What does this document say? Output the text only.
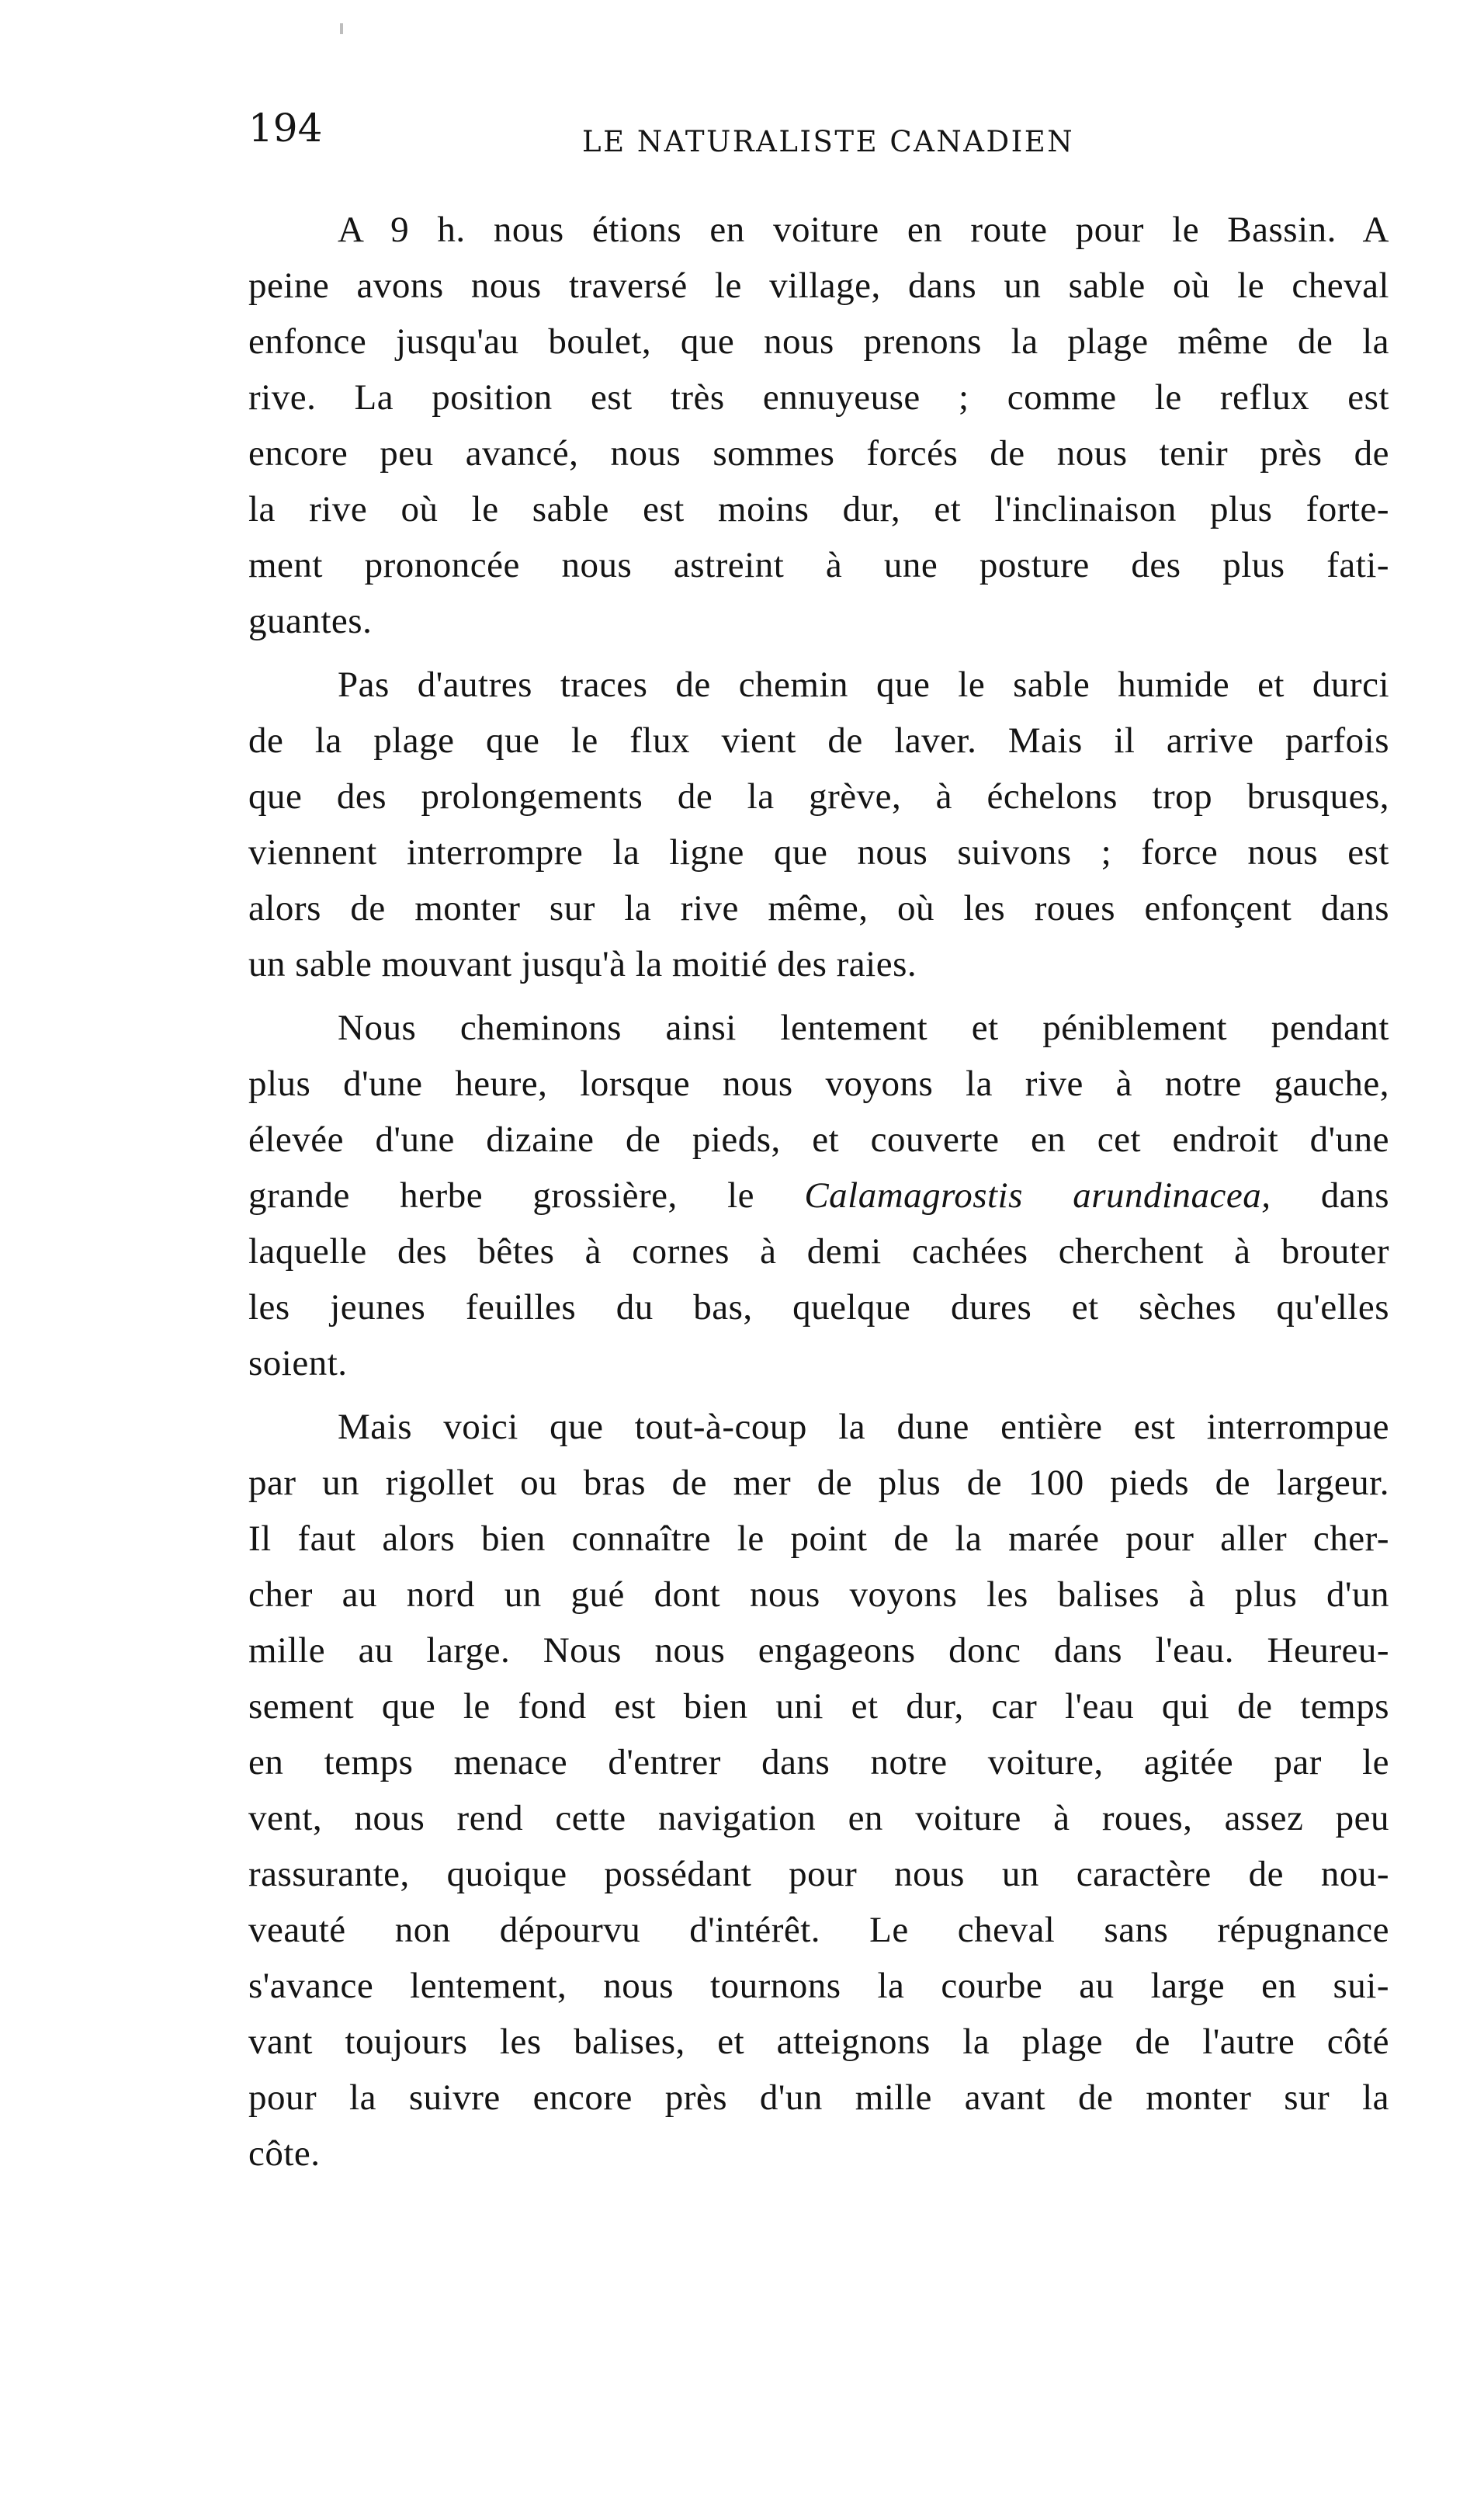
194	LE NATURALISTE CANADIEN

A 9 h. nous étions en voiture en route pour le Bassin. A
peine avons nous traversé le village, dans un sable où le cheval
enfonce jusqu'au boulet, que nous prenons la plage même de la
rive. La position est très ennuyeuse ; comme le reflux est
encore peu avancé, nous sommes forcés de nous tenir près de
la rive où le sable est moins dur, et l'inclinaison plus forte-
ment prononcée nous astreint à une posture des plus fati-
guantes.

Pas d'autres traces de chemin que le sable humide et durci
de la plage que le flux vient de laver. Mais il arrive parfois
que des prolongements de la grève, à échelons trop brusques,
viennent interrompre la ligne que nous suivons ; force nous est
alors de monter sur la rive même, où les roues enfonçent dans
un sable mouvant jusqu'à la moitié des raies.

Nous cheminons ainsi lentement et péniblement pendant
plus d'une heure, lorsque nous voyons la rive à notre gauche,
élevée d'une dizaine de pieds, et couverte en cet endroit d'une
grande herbe grossière, le Calamagrostis arundinacea, dans
laquelle des bêtes à cornes à demi cachées cherchent à brouter
les jeunes feuilles du bas, quelque dures et sèches qu'elles
soient.

Mais voici que tout-à-coup la dune entière est interrompue
par un rigollet ou bras de mer de plus de 100 pieds de largeur.
Il faut alors bien connaître le point de la marée pour aller cher-
cher au nord un gué dont nous voyons les balises à plus d'un
mille au large. Nous nous engageons donc dans l'eau. Heureu-
sement que le fond est bien uni et dur, car l'eau qui de temps
en temps menace d'entrer dans notre voiture, agitée par le
vent, nous rend cette navigation en voiture à roues, assez peu
rassurante, quoique possédant pour nous un caractère de nou-
veauté non dépourvu d'intérêt. Le cheval sans répugnance
s'avance lentement, nous tournons la courbe au large en sui-
vant toujours les balises, et atteignons la plage de l'autre côté
pour la suivre encore près d'un mille avant de monter sur la
côte.
